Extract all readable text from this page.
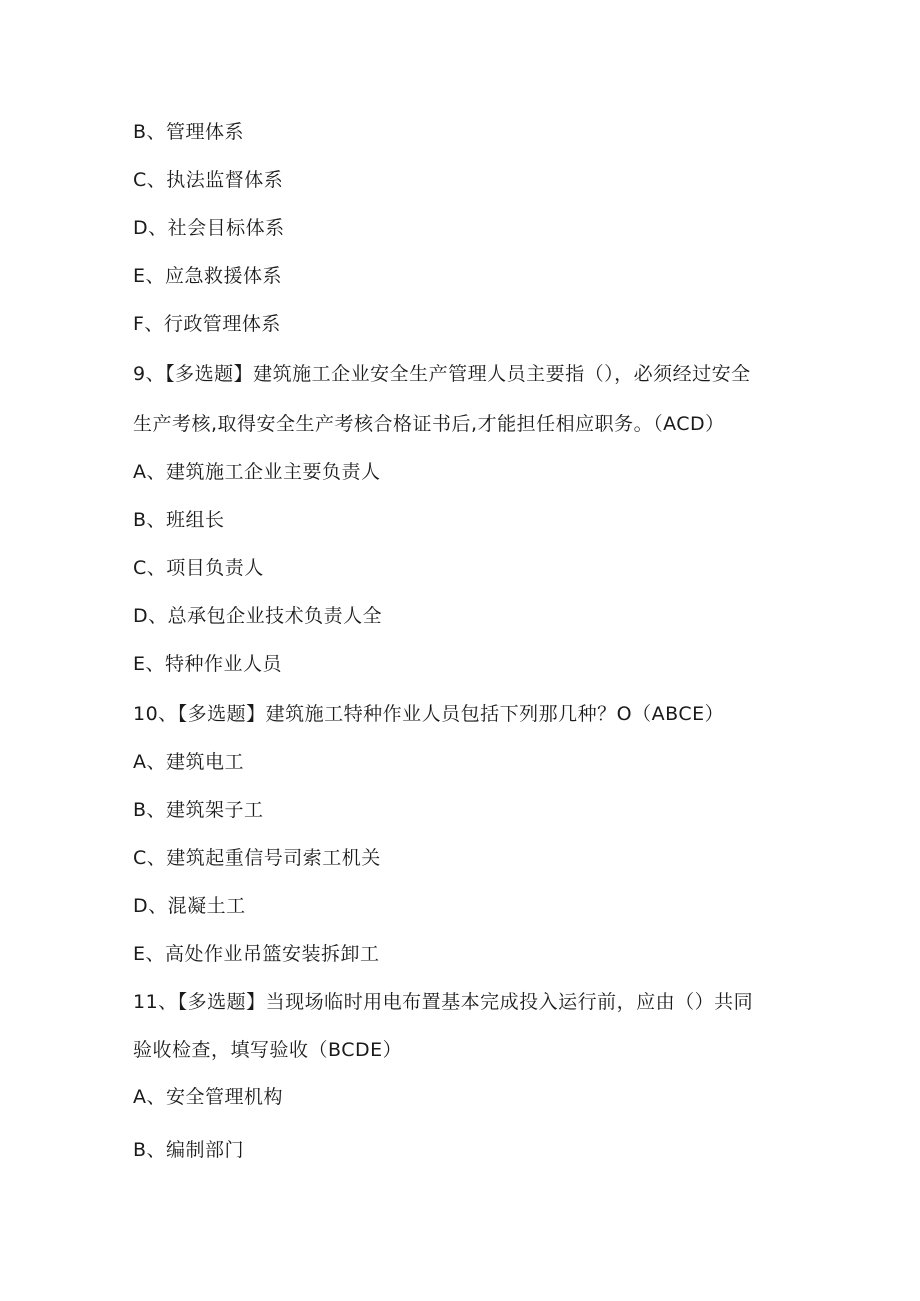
B、管理体系
C、执法监督体系
D、社会目标体系
E、应急救援体系
F、行政管理体系
9、【多选题】建筑施工企业安全生产管理人员主要指（），必须经过安全
生产考核,取得安全生产考核合格证书后,才能担任相应职务。（ACD）
A、建筑施工企业主要负责人
B、班组长
C、项目负责人
D、总承包企业技术负责人全
E、特种作业人员
10、【多选题】建筑施工特种作业人员包括下列那几种？O（ABCE）
A、建筑电工
B、建筑架子工
C、建筑起重信号司索工机关
D、混凝土工
E、高处作业吊篮安装拆卸工
11、【多选题】当现场临时用电布置基本完成投入运行前，应由（）共同
验收检查，填写验收（BCDE）
A、安全管理机构
B、编制部门
